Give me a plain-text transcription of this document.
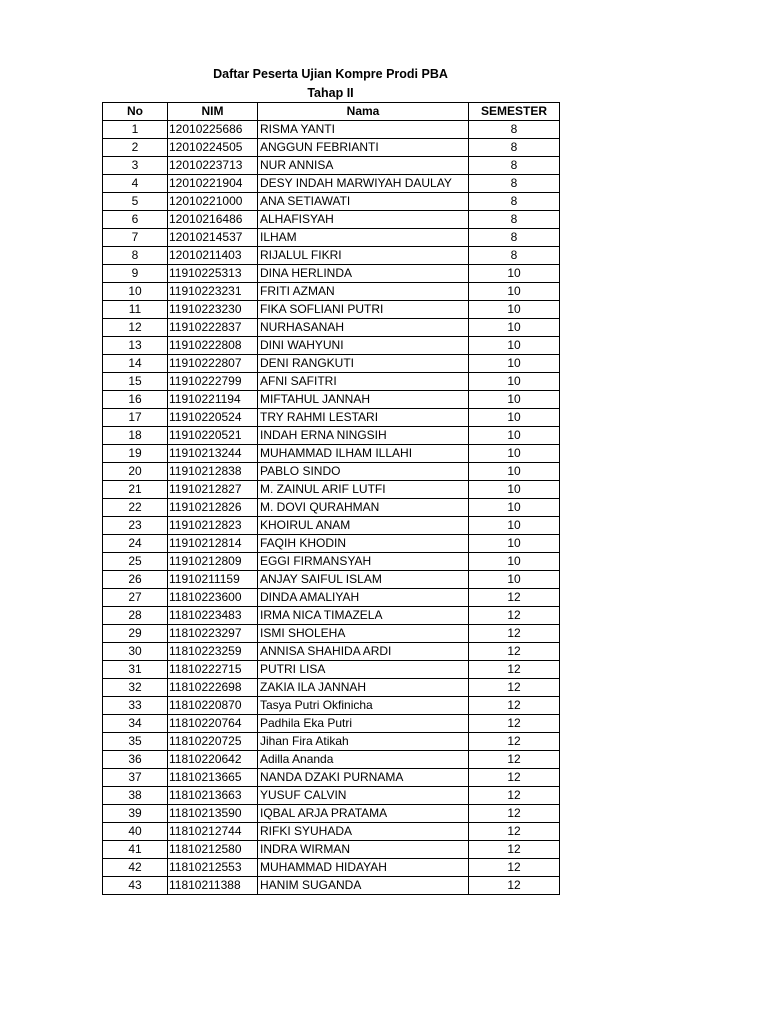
Daftar Peserta Ujian Kompre Prodi PBA
Tahap II
No	NIM	Nama	SEMESTER
1	12010225686	RISMA YANTI	8
2	12010224505	ANGGUN FEBRIANTI	8
3	12010223713	NUR ANNISA	8
4	12010221904	DESY INDAH MARWIYAH DAULAY	8
5	12010221000	ANA SETIAWATI	8
6	12010216486	ALHAFISYAH	8
7	12010214537	ILHAM	8
8	12010211403	RIJALUL FIKRI	8
9	11910225313	DINA HERLINDA	10
10	11910223231	FRITI AZMAN	10
11	11910223230	FIKA SOFLIANI PUTRI	10
12	11910222837	NURHASANAH	10
13	11910222808	DINI WAHYUNI	10
14	11910222807	DENI RANGKUTI	10
15	11910222799	AFNI SAFITRI	10
16	11910221194	MIFTAHUL JANNAH	10
17	11910220524	TRY RAHMI LESTARI	10
18	11910220521	INDAH ERNA NINGSIH	10
19	11910213244	MUHAMMAD ILHAM ILLAHI	10
20	11910212838	PABLO SINDO	10
21	11910212827	M. ZAINUL ARIF LUTFI	10
22	11910212826	M. DOVI QURAHMAN	10
23	11910212823	KHOIRUL ANAM	10
24	11910212814	FAQIH KHODIN	10
25	11910212809	EGGI FIRMANSYAH	10
26	11910211159	ANJAY SAIFUL ISLAM	10
27	11810223600	DINDA AMALIYAH	12
28	11810223483	IRMA NICA TIMAZELA	12
29	11810223297	ISMI SHOLEHA	12
30	11810223259	ANNISA SHAHIDA ARDI	12
31	11810222715	PUTRI LISA	12
32	11810222698	ZAKIA ILA JANNAH	12
33	11810220870	Tasya Putri Okfinicha	12
34	11810220764	Padhila Eka Putri	12
35	11810220725	Jihan Fira Atikah	12
36	11810220642	Adilla Ananda	12
37	11810213665	NANDA DZAKI PURNAMA	12
38	11810213663	YUSUF CALVIN	12
39	11810213590	IQBAL ARJA PRATAMA	12
40	11810212744	RIFKI SYUHADA	12
41	11810212580	INDRA WIRMAN	12
42	11810212553	MUHAMMAD HIDAYAH	12
43	11810211388	HANIM SUGANDA	12
